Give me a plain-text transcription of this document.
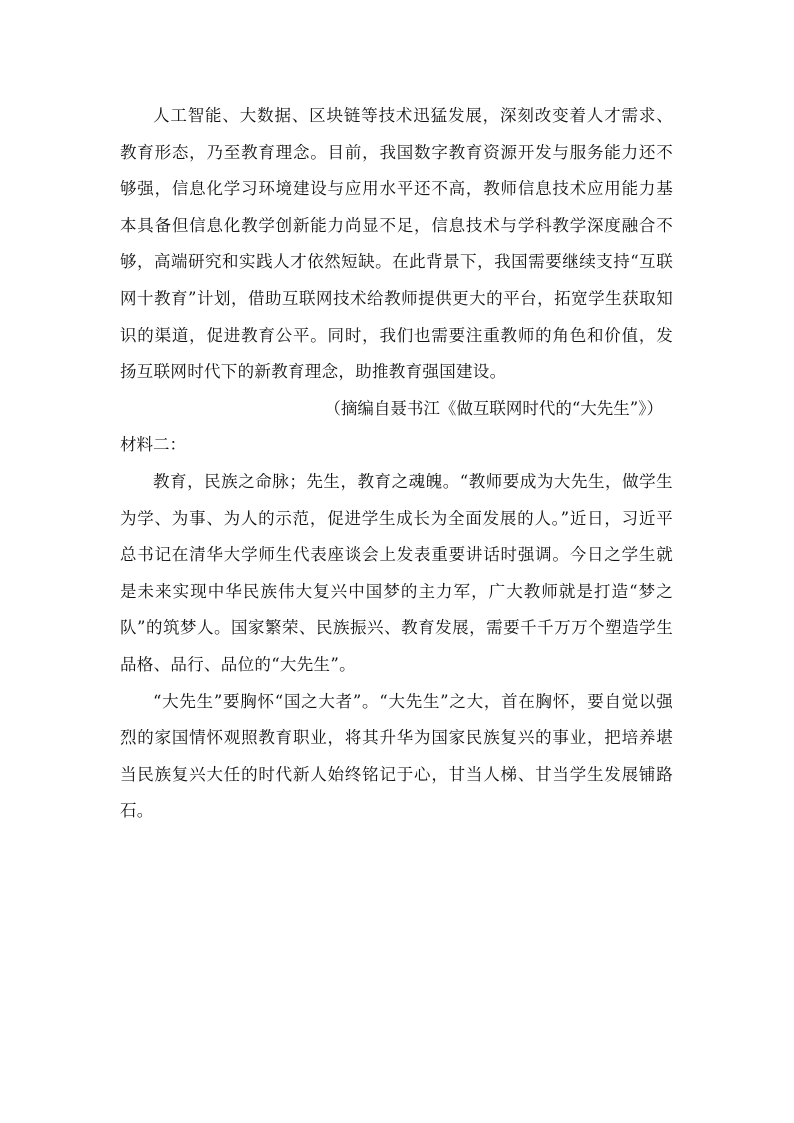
人工智能、大数据、区块链等技术迅猛发展，深刻改变着人才需求、教育形态，乃至教育理念。目前，我国数字教育资源开发与服务能力还不够强，信息化学习环境建设与应用水平还不高，教师信息技术应用能力基本具备但信息化教学创新能力尚显不足，信息技术与学科教学深度融合不够，高端研究和实践人才依然短缺。在此背景下，我国需要继续支持“互联网十教育”计划，借助互联网技术给教师提供更大的平台，拓宽学生获取知识的渠道，促进教育公平。同时，我们也需要注重教师的角色和价值，发扬互联网时代下的新教育理念，助推教育强国建设。

（摘编自聂书江《做互联网时代的“大先生”》）

材料二：

教育，民族之命脉；先生，教育之魂魄。“教师要成为大先生，做学生为学、为事、为人的示范，促进学生成长为全面发展的人。”近日，习近平总书记在清华大学师生代表座谈会上发表重要讲话时强调。今日之学生就是未来实现中华民族伟大复兴中国梦的主力军，广大教师就是打造“梦之队”的筑梦人。国家繁荣、民族振兴、教育发展，需要千千万万个塑造学生品格、品行、品位的“大先生”。

“大先生”要胸怀“国之大者”。“大先生”之大，首在胸怀，要自觉以强烈的家国情怀观照教育职业，将其升华为国家民族复兴的事业，把培养堪当民族复兴大任的时代新人始终铭记于心，甘当人梯、甘当学生发展铺路石。
